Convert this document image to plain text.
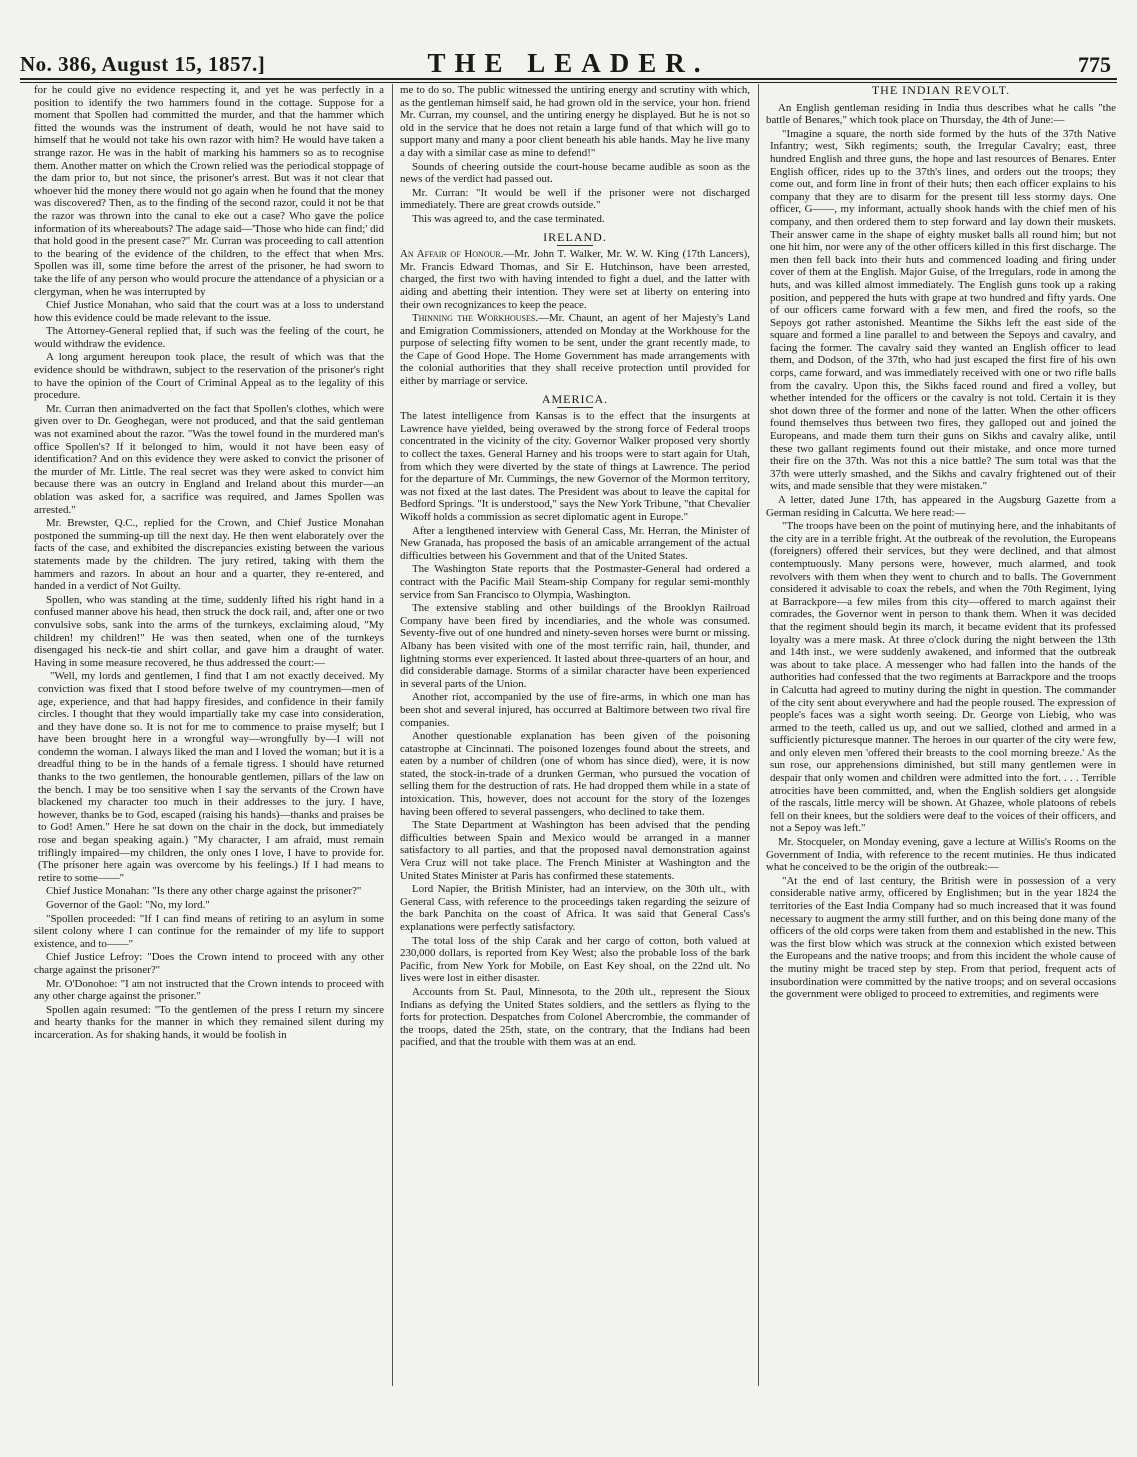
No. 386, August 15, 1857.]	THE LEADER.	775

for he could give no evidence respecting it, and yet he was perfectly in a position to identify the two hammers found in the cottage. Suppose for a moment that Spollen had committed the murder, and that the hammer which fitted the wounds was the instrument of death, would he not have said to himself that he would not take his own razor with him? He would have taken a strange razor. He was in the habit of marking his hammers so as to recognise them. Another matter on which the Crown relied was the periodical stoppage of the dam prior to, but not since, the prisoner's arrest. But was it not clear that whoever hid the money there would not go again when he found that the money was discovered? Then, as to the finding of the second razor, could it not be that the razor was thrown into the canal to eke out a case? Who gave the police information of its whereabouts? The adage said—'Those who hide can find;' did that hold good in the present case?" Mr. Curran was proceeding to call attention to the bearing of the evidence of the children, to the effect that when Mrs. Spollen was ill, some time before the arrest of the prisoner, he had sworn to take the life of any person who would procure the attendance of a physician or a clergyman, when he was interrupted by

Chief Justice Monahan, who said that the court was at a loss to understand how this evidence could be made relevant to the issue.

The Attorney-General replied that, if such was the feeling of the court, he would withdraw the evidence.

A long argument hereupon took place, the result of which was that the evidence should be withdrawn, subject to the reservation of the prisoner's right to have the opinion of the Court of Criminal Appeal as to the legality of this procedure.

Mr. Curran then animadverted on the fact that Spollen's clothes, which were given over to Dr. Geoghegan, were not produced, and that the said gentleman was not examined about the razor. "Was the towel found in the murdered man's office Spollen's? If it belonged to him, would it not have been easy of identification? And on this evidence they were asked to convict the prisoner of the murder of Mr. Little. The real secret was they were asked to convict him because there was an outcry in England and Ireland about this murder—an oblation was asked for, a sacrifice was required, and James Spollen was arrested."

Mr. Brewster, Q.C., replied for the Crown, and Chief Justice Monahan postponed the summing-up till the next day. He then went elaborately over the facts of the case, and exhibited the discrepancies existing between the various statements made by the children. The jury retired, taking with them the hammers and razors. In about an hour and a quarter, they re-entered, and handed in a verdict of Not Guilty.

Spollen, who was standing at the time, suddenly lifted his right hand in a confused manner above his head, then struck the dock rail, and, after one or two convulsive sobs, sank into the arms of the turnkeys, exclaiming aloud, "My children! my children!" He was then seated, when one of the turnkeys disengaged his neck-tie and shirt collar, and gave him a draught of water. Having in some measure recovered, he thus addressed the court:—

"Well, my lords and gentlemen, I find that I am not exactly deceived. My conviction was fixed that I stood before twelve of my countrymen—men of age, experience, and that had happy firesides, and confidence in their family circles. I thought that they would impartially take my case into consideration, and they have done so. It is not for me to commence to praise myself; but I have been brought here in a wrongful way—wrongfully by—I will not condemn the woman. I always liked the man and I loved the woman; but it is a dreadful thing to be in the hands of a female tigress. I should have returned thanks to the two gentlemen, the honourable gentlemen, pillars of the law on the bench. I may be too sensitive when I say the servants of the Crown have blackened my character too much in their addresses to the jury. I have, however, thanks be to God, escaped (raising his hands)—thanks and praises be to God! Amen." Here he sat down on the chair in the dock, but immediately rose and began speaking again.) "My character, I am afraid, must remain triflingly impaired—my children, the only ones I love, I have to provide for. (The prisoner here again was overcome by his feelings.) If I had means to retire to some——"

Chief Justice Monahan: "Is there any other charge against the prisoner?"

Governor of the Gaol: "No, my lord."

"Spollen proceeded: "If I can find means of retiring to an asylum in some silent colony where I can continue for the remainder of my life to support existence, and to——"

Chief Justice Lefroy: "Does the Crown intend to proceed with any other charge against the prisoner?"

Mr. O'Donohoe: "I am not instructed that the Crown intends to proceed with any other charge against the prisoner."

Spollen again resumed: "To the gentlemen of the press I return my sincere and hearty thanks for the manner in which they remained silent during my incarceration. As for shaking hands, it would be foolish in

me to do so. The public witnessed the untiring energy and scrutiny with which, as the gentleman himself said, he had grown old in the service, your hon. friend Mr. Curran, my counsel, and the untiring energy he displayed. But he is not so old in the service that he does not retain a large fund of that which will go to support many and many a poor client beneath his able hands. May he live many a day with a similar case as mine to defend!"

Sounds of cheering outside the court-house became audible as soon as the news of the verdict had passed out.

Mr. Curran: "It would be well if the prisoner were not discharged immediately. There are great crowds outside."

This was agreed to, and the case terminated.

IRELAND.

An Affair of Honour.—Mr. John T. Walker, Mr. W. W. King (17th Lancers), Mr. Francis Edward Thomas, and Sir E. Hutchinson, have been arrested, charged, the first two with having intended to fight a duel, and the latter with aiding and abetting their intention. They were set at liberty on entering into their own recognizances to keep the peace.

Thinning the Workhouses.—Mr. Chaunt, an agent of her Majesty's Land and Emigration Commissioners, attended on Monday at the Workhouse for the purpose of selecting fifty women to be sent, under the grant recently made, to the Cape of Good Hope. The Home Government has made arrangements with the colonial authorities that they shall receive protection until provided for either by marriage or service.

AMERICA.

The latest intelligence from Kansas is to the effect that the insurgents at Lawrence have yielded, being overawed by the strong force of Federal troops concentrated in the vicinity of the city. Governor Walker proposed very shortly to collect the taxes. General Harney and his troops were to start again for Utah, from which they were diverted by the state of things at Lawrence. The period for the departure of Mr. Cummings, the new Governor of the Mormon territory, was not fixed at the last dates. The President was about to leave the capital for Bedford Springs. "It is understood," says the New York Tribune, "that Chevalier Wikoff holds a commission as secret diplomatic agent in Europe."

After a lengthened interview with General Cass, Mr. Herran, the Minister of New Granada, has proposed the basis of an amicable arrangement of the actual difficulties between his Government and that of the United States.

The Washington State reports that the Postmaster-General had ordered a contract with the Pacific Mail Steam-ship Company for regular semi-monthly service from San Francisco to Olympia, Washington.

The extensive stabling and other buildings of the Brooklyn Railroad Company have been fired by incendiaries, and the whole was consumed. Seventy-five out of one hundred and ninety-seven horses were burnt or missing. Albany has been visited with one of the most terrific rain, hail, thunder, and lightning storms ever experienced. It lasted about three-quarters of an hour, and did considerable damage. Storms of a similar character have been experienced in several parts of the Union.

Another riot, accompanied by the use of fire-arms, in which one man has been shot and several injured, has occurred at Baltimore between two rival fire companies.

Another questionable explanation has been given of the poisoning catastrophe at Cincinnati. The poisoned lozenges found about the streets, and eaten by a number of children (one of whom has since died), were, it is now stated, the stock-in-trade of a drunken German, who pursued the vocation of selling them for the destruction of rats. He had dropped them while in a state of intoxication. This, however, does not account for the story of the lozenges having been offered to several passengers, who declined to take them.

The State Department at Washington has been advised that the pending difficulties between Spain and Mexico would be arranged in a manner satisfactory to all parties, and that the proposed naval demonstration against Vera Cruz will not take place. The French Minister at Washington and the United States Minister at Paris has confirmed these statements.

Lord Napier, the British Minister, had an interview, on the 30th ult., with General Cass, with reference to the proceedings taken regarding the seizure of the bark Panchita on the coast of Africa. It was said that General Cass's explanations were perfectly satisfactory.

The total loss of the ship Carak and her cargo of cotton, both valued at 230,000 dollars, is reported from Key West; also the probable loss of the bark Pacific, from New York for Mobile, on East Key shoal, on the 22nd ult. No lives were lost in either disaster.

Accounts from St. Paul, Minnesota, to the 20th ult., represent the Sioux Indians as defying the United States soldiers, and the settlers as flying to the forts for protection. Despatches from Colonel Abercrombie, the commander of the troops, dated the 25th, state, on the contrary, that the Indians had been pacified, and that the trouble with them was at an end.

THE INDIAN REVOLT.

An English gentleman residing in India thus describes what he calls "the battle of Benares," which took place on Thursday, the 4th of June:—

"Imagine a square, the north side formed by the huts of the 37th Native Infantry; west, Sikh regiments; south, the Irregular Cavalry; east, three hundred English and three guns, the hope and last resources of Benares. Enter English officer, rides up to the 37th's lines, and orders out the troops; they come out, and form line in front of their huts; then each officer explains to his company that they are to disarm for the present till less stormy days. One officer, G——, my informant, actually shook hands with the chief men of his company, and then ordered them to step forward and lay down their muskets. Their answer came in the shape of eighty musket balls all round him; but not one hit him, nor were any of the other officers killed in this first discharge. The men then fell back into their huts and commenced loading and firing under cover of them at the English. Major Guise, of the Irregulars, rode in among the huts, and was killed almost immediately. The English guns took up a raking position, and peppered the huts with grape at two hundred and fifty yards. One of our officers came forward with a few men, and fired the roofs, so the Sepoys got rather astonished. Meantime the Sikhs left the east side of the square and formed a line parallel to and between the Sepoys and cavalry, and facing the former. The cavalry said they wanted an English officer to lead them, and Dodson, of the 37th, who had just escaped the first fire of his own corps, came forward, and was immediately received with one or two rifle balls from the cavalry. Upon this, the Sikhs faced round and fired a volley, but whether intended for the officers or the cavalry is not told. Certain it is they shot down three of the former and none of the latter. When the other officers found themselves thus between two fires, they galloped out and joined the Europeans, and made them turn their guns on Sikhs and cavalry alike, until these two gallant regiments found out their mistake, and once more turned their fire on the 37th. Was not this a nice battle? The sum total was that the 37th were utterly smashed, and the Sikhs and cavalry frightened out of their wits, and made sensible that they were mistaken."

A letter, dated June 17th, has appeared in the Augsburg Gazette from a German residing in Calcutta. We here read:—

"The troops have been on the point of mutinying here, and the inhabitants of the city are in a terrible fright. At the outbreak of the revolution, the Europeans (foreigners) offered their services, but they were declined, and that almost contemptuously. Many persons were, however, much alarmed, and took revolvers with them when they went to church and to balls. The Government considered it advisable to coax the rebels, and when the 70th Regiment, lying at Barrackpore—a few miles from this city—offered to march against their comrades, the Governor went in person to thank them. When it was decided that the regiment should begin its march, it became evident that its professed loyalty was a mere mask. At three o'clock during the night between the 13th and 14th inst., we were suddenly awakened, and informed that the outbreak was about to take place. A messenger who had fallen into the hands of the authorities had confessed that the two regiments at Barrackpore and the troops in Calcutta had agreed to mutiny during the night in question. The commander of the city sent about everywhere and had the people roused. The expression of people's faces was a sight worth seeing. Dr. George von Liebig, who was armed to the teeth, called us up, and out we sallied, clothed and armed in a sufficiently picturesque manner. The heroes in our quarter of the city were few, and only eleven men 'offered their breasts to the cool morning breeze.' As the sun rose, our apprehensions diminished, but still many gentlemen were in despair that only women and children were admitted into the fort. . . . Terrible atrocities have been committed, and, when the English soldiers get alongside of the rascals, little mercy will be shown. At Ghazee, whole platoons of rebels fell on their knees, but the soldiers were deaf to the voices of their officers, and not a Sepoy was left."

Mr. Stocqueler, on Monday evening, gave a lecture at Willis's Rooms on the Government of India, with reference to the recent mutinies. He thus indicated what he conceived to be the origin of the outbreak:—

"At the end of last century, the British were in possession of a very considerable native army, officered by Englishmen; but in the year 1824 the territories of the East India Company had so much increased that it was found necessary to augment the army still further, and on this being done many of the officers of the old corps were taken from them and established in the new. This was the first blow which was struck at the connexion which existed between the Europeans and the native troops; and from this incident the whole cause of the mutiny might be traced step by step. From that period, frequent acts of insubordination were committed by the native troops; and on several occasions the government were obliged to proceed to extremities, and regiments were
